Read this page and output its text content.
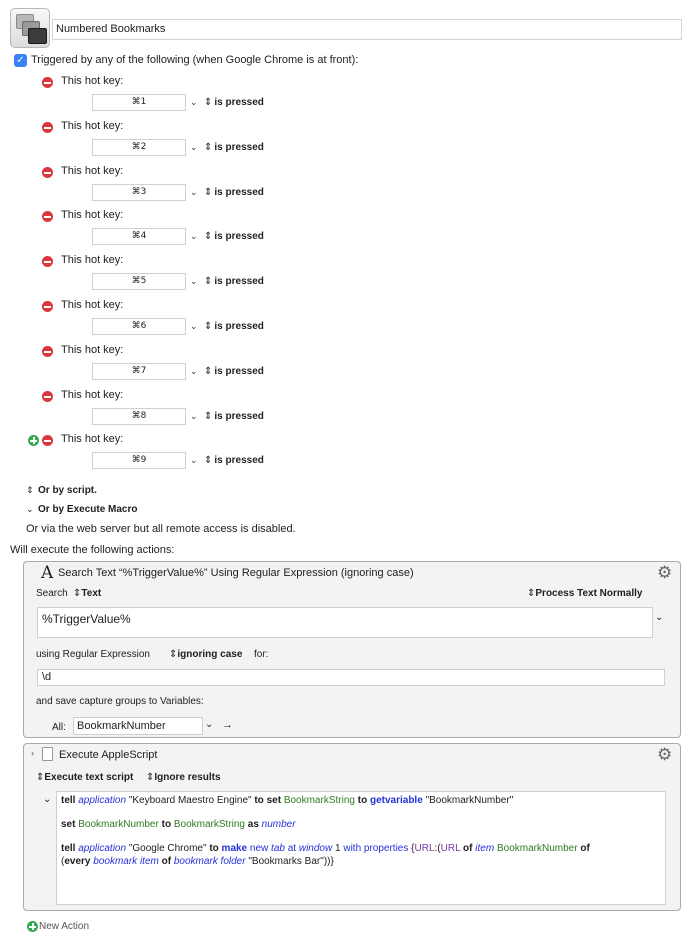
Numbered Bookmarks
✓ Triggered by any of the following (when Google Chrome is at front):
This hot key:
⌘1	⌄ ⇕ is pressed
This hot key:
⌘2	⌄ ⇕ is pressed
This hot key:
⌘3	⌄ ⇕ is pressed
This hot key:
⌘4	⌄ ⇕ is pressed
This hot key:
⌘5	⌄ ⇕ is pressed
This hot key:
⌘6	⌄ ⇕ is pressed
This hot key:
⌘7	⌄ ⇕ is pressed
This hot key:
⌘8	⌄ ⇕ is pressed
This hot key:
⌘9	⌄ ⇕ is pressed
⇕ Or by script.
⌄ Or by Execute Macro
Or via the web server but all remote access is disabled.
Will execute the following actions:
A Search Text “%TriggerValue%” Using Regular Expression (ignoring case)	⚙
Search ⇕Text	⇕Process Text Normally
%TriggerValue%	⌄
using Regular Expression ⇕ignoring case for:
\d
and save capture groups to Variables:
All:	BookmarkNumber	⌄ →
› Execute AppleScript	⚙
⇕Execute text script ⇕Ignore results
⌄ tell application "Keyboard Maestro Engine" to set BookmarkString to getvariable "BookmarkNumber"
set BookmarkNumber to BookmarkString as number
tell application "Google Chrome" to make new tab at window 1 with properties {URL:(URL of item BookmarkNumber of
(every bookmark item of bookmark folder "Bookmarks Bar"))}
New Action
